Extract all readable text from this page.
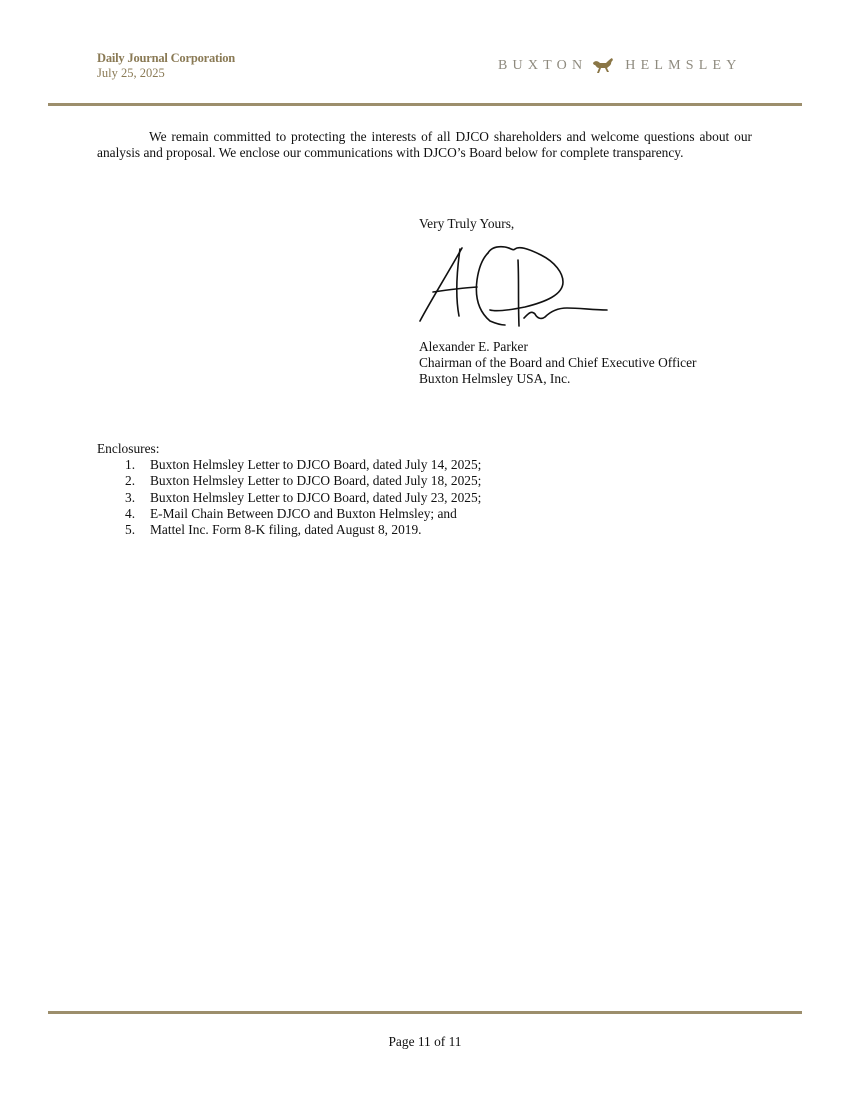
Daily Journal Corporation
July 25, 2025	BUXTON	HELMSLEY

We remain committed to protecting the interests of all DJCO shareholders and welcome questions about our analysis and proposal. We enclose our communications with DJCO’s Board below for complete transparency.

Very Truly Yours,
Alexander E. Parker
Chairman of the Board and Chief Executive Officer
Buxton Helmsley USA, Inc.
Enclosures:
1. Buxton Helmsley Letter to DJCO Board, dated July 14, 2025;
2. Buxton Helmsley Letter to DJCO Board, dated July 18, 2025;
3. Buxton Helmsley Letter to DJCO Board, dated July 23, 2025;
4. E-Mail Chain Between DJCO and Buxton Helmsley; and
5. Mattel Inc. Form 8-K filing, dated August 8, 2019.
Page 11 of 11
